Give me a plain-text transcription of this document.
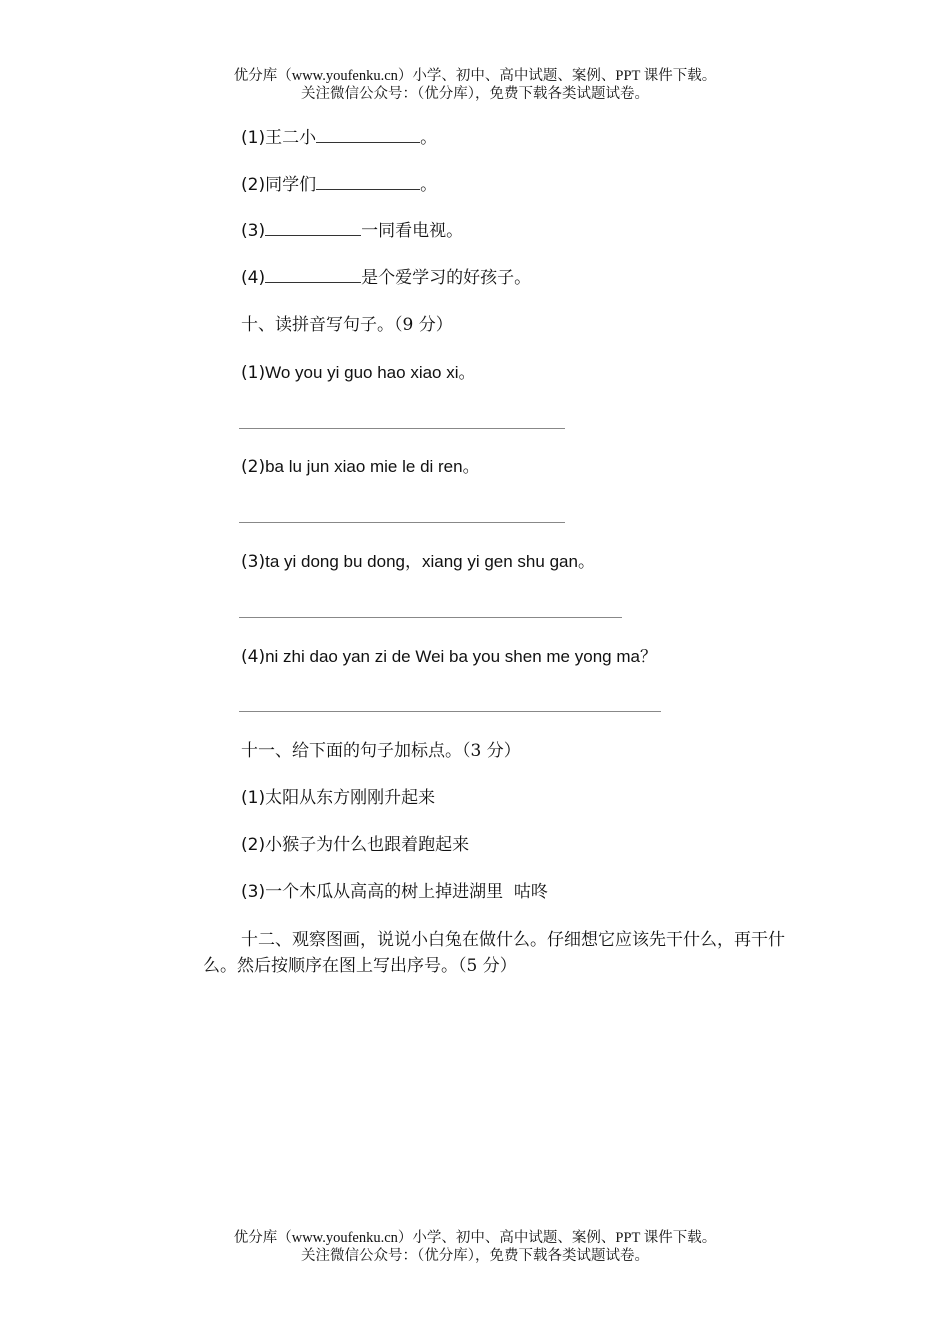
优分库（www.youfenku.cn）小学、初中、高中试题、案例、PPT 课件下载。
关注微信公众号：（优分库），免费下载各类试题试卷。
(1)王二小	。
(2)同学们	。
(3)	一同看电视。
(4)	是个爱学习的好孩子。
十、读拼音写句子。（9 分）
(1)Wo you yi guo hao xiao xi。
(2)ba lu jun xiao mie le di ren。
(3)ta yi dong bu dong，xiang yi gen shu gan。
(4)ni zhi dao yan zi de Wei ba you shen me yong ma？
十一、给下面的句子加标点。（3 分）
(1)太阳从东方刚刚升起来
(2)小猴子为什么也跟着跑起来
(3)一个木瓜从高高的树上掉进湖里  咕咚
十二、观察图画，说说小白兔在做什么。仔细想它应该先干什么，再干什么。然后按顺序在图上写出序号。（5 分）
优分库（www.youfenku.cn）小学、初中、高中试题、案例、PPT 课件下载。
关注微信公众号：（优分库），免费下载各类试题试卷。
